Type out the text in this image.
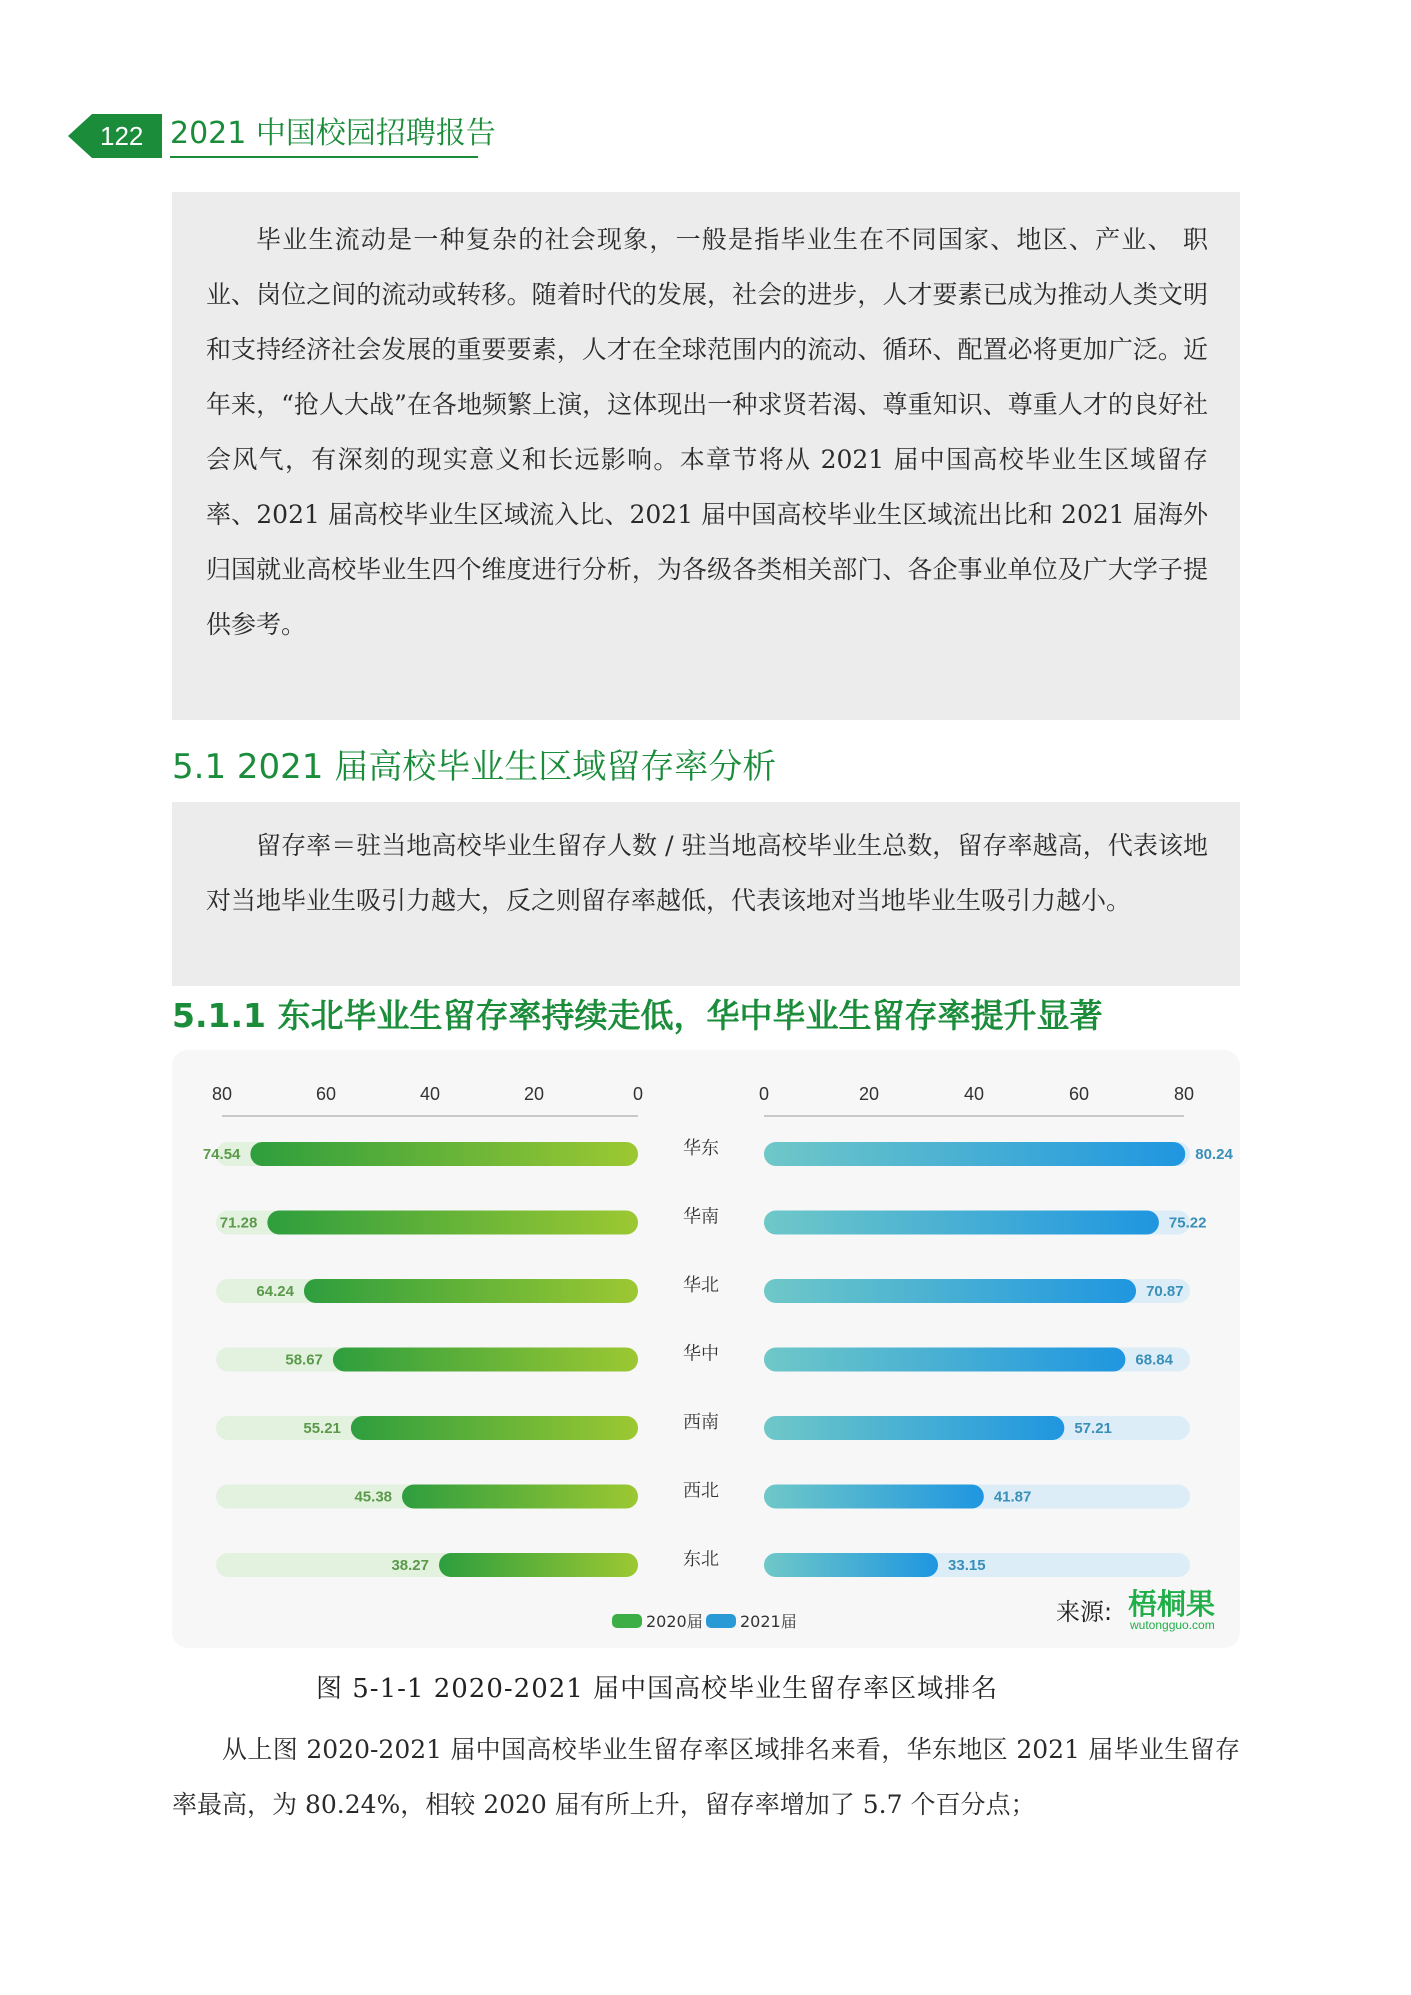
122 2021 中国校园招聘报告

毕业生流动是一种复杂的社会现象，一般是指毕业生在不同国家、地区、产业、 职业、岗位之间的流动或转移。随着时代的发展，社会的进步，人才要素已成为推动人类文明和支持经济社会发展的重要要素，人才在全球范围内的流动、循环、配置必将更加广泛。近年来，“抢人大战”在各地频繁上演，这体现出一种求贤若渴、尊重知识、尊重人才的良好社会风气，有深刻的现实意义和长远影响。本章节将从 2021 届中国高校毕业生区域留存率、2021 届高校毕业生区域流入比、2021 届中国高校毕业生区域流出比和 2021 届海外归国就业高校毕业生四个维度进行分析，为各级各类相关部门、各企事业单位及广大学子提供参考。

5.1 2021 届高校毕业生区域留存率分析

留存率＝驻当地高校毕业生留存人数 / 驻当地高校毕业生总数，留存率越高，代表该地对当地毕业生吸引力越大，反之则留存率越低，代表该地对当地毕业生吸引力越小。

5.1.1 东北毕业生留存率持续走低，华中毕业生留存率提升显著
0	0
20	20
40	40
60	60
80	80
74.54	华东	80.24
71.28	华南	75.22
64.24	华北	70.87
58.67	华中	68.84
55.21	西南	57.21
45.38	西北	41.87
38.27	东北	33.15
2020届 2021届	来源: 梧桐果
wutongguo.com
图 5-1-1 2020-2021 届中国高校毕业生留存率区域排名

从上图 2020-2021 届中国高校毕业生留存率区域排名来看，华东地区 2021 届毕业生留存率最高，为 80.24%，相较 2020 届有所上升，留存率增加了 5.7 个百分点；
